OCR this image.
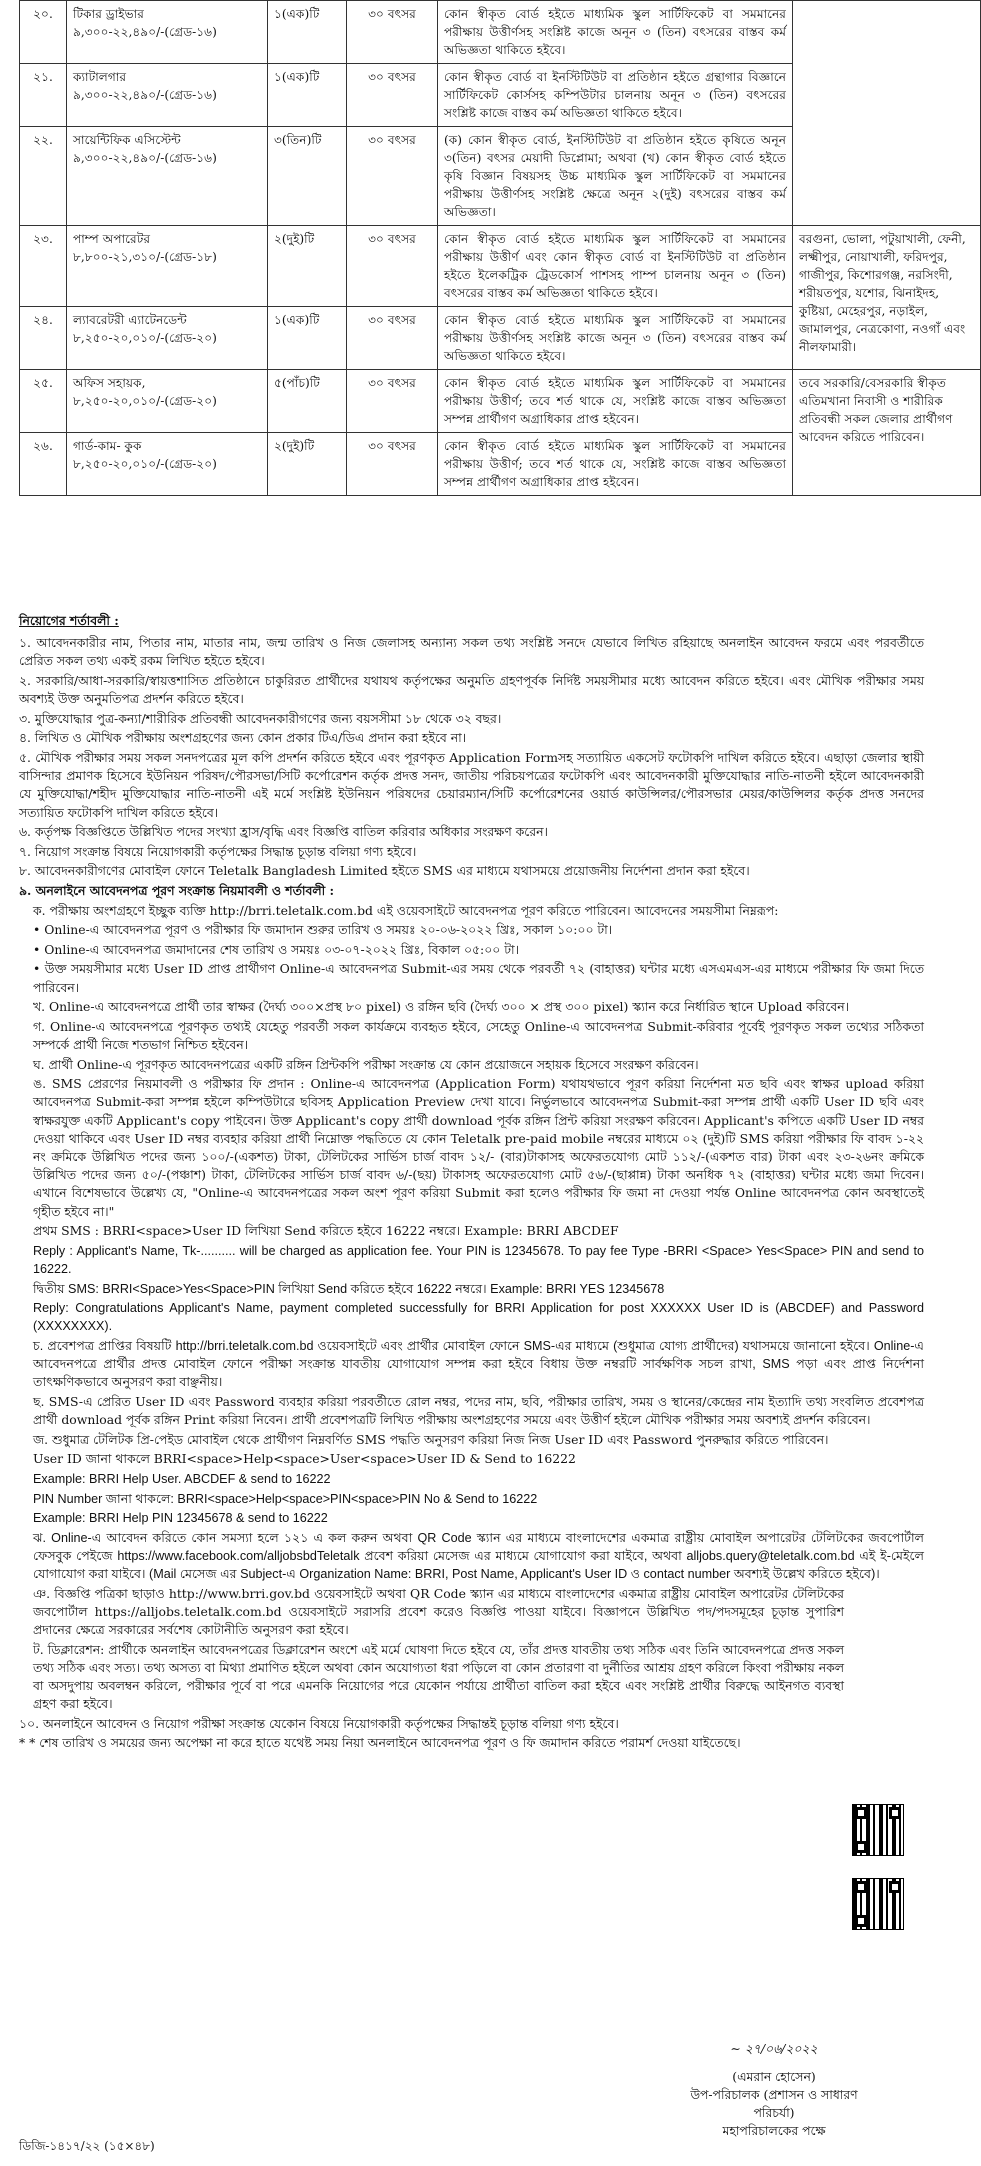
২০.	টিকার ড্রাইভার
৯,৩০০-২২,৪৯০/-(গ্রেড-১৬)	১(এক)টি	৩০ বৎসর	কোন স্বীকৃত বোর্ড হইতে মাধ্যমিক স্কুল সার্টিফিকেট বা সমমানের পরীক্ষায় উত্তীর্ণসহ সংশ্লিষ্ট কাজে অনূন ৩ (তিন) বৎসরের বাস্তব কর্ম অভিজ্ঞতা থাকিতে হইবে।	
২১.	ক্যাটালগার
৯,৩০০-২২,৪৯০/-(গ্রেড-১৬)	১(এক)টি	৩০ বৎসর	কোন স্বীকৃত বোর্ড বা ইনস্টিটিউট বা প্রতিষ্ঠান হইতে গ্রন্থাগার বিজ্ঞানে সার্টিফিকেট কোর্সসহ কম্পিউটার চালনায় অনূন ৩ (তিন) বৎসরের সংশ্লিষ্ট কাজে বাস্তব কর্ম অভিজ্ঞতা থাকিতে হইবে।	
২২.	সায়েন্টিফিক এসিস্টেন্ট
৯,৩০০-২২,৪৯০/-(গ্রেড-১৬)	৩(তিন)টি	৩০ বৎসর	(ক) কোন স্বীকৃত বোর্ড, ইনস্টিটিউট বা প্রতিষ্ঠান হইতে কৃষিতে অনূন ৩(তিন) বৎসর মেয়াদী ডিপ্লোমা; অথবা (খ) কোন স্বীকৃত বোর্ড হইতে কৃষি বিজ্ঞান বিষয়সহ উচ্চ মাধ্যমিক স্কুল সার্টিফিকেট বা সমমানের পরীক্ষায় উত্তীর্ণসহ সংশ্লিষ্ট ক্ষেত্রে অনূন ২(দুই) বৎসরের বাস্তব কর্ম অভিজ্ঞতা।	
২৩.	পাম্প অপারেটর
৮,৮০০-২১,৩১০/-(গ্রেড-১৮)	২(দুই)টি	৩০ বৎসর	কোন স্বীকৃত বোর্ড হইতে মাধ্যমিক স্কুল সার্টিফিকেট বা সমমানের পরীক্ষায় উত্তীর্ণ এবং কোন স্বীকৃত বোর্ড বা ইনস্টিটিউট বা প্রতিষ্ঠান হইতে ইলেকট্রিক ট্রেডকোর্স পাশসহ পাম্প চালনায় অনূন ৩ (তিন) বৎসরের বাস্তব কর্ম অভিজ্ঞতা থাকিতে হইবে।	বরগুনা, ভোলা, পটুয়াখালী, ফেনী, লক্ষ্মীপুর, নোয়াখালী, ফরিদপুর, গাজীপুর, কিশোরগঞ্জ, নরসিংদী, শরীয়তপুর, যশোর, ঝিনাইদহ, কুষ্টিয়া, মেহেরপুর, নড়াইল, জামালপুর, নেত্রকোণা, নওগাঁ এবং নীলফামারী।
২৪.	ল্যাবরেটরী এ্যাটেনডেন্ট
৮,২৫০-২০,০১০/-(গ্রেড-২০)	১(এক)টি	৩০ বৎসর	কোন স্বীকৃত বোর্ড হইতে মাধ্যমিক স্কুল সার্টিফিকেট বা সমমানের পরীক্ষায় উত্তীর্ণসহ সংশ্লিষ্ট কাজে অনূন ৩ (তিন) বৎসরের বাস্তব কর্ম অভিজ্ঞতা থাকিতে হইবে।	
২৫.	অফিস সহায়ক,
৮,২৫০-২০,০১০/-(গ্রেড-২০)	৫(পাঁচ)টি	৩০ বৎসর	কোন স্বীকৃত বোর্ড হইতে মাধ্যমিক স্কুল সার্টিফিকেট বা সমমানের পরীক্ষায় উত্তীর্ণ; তবে শর্ত থাকে যে, সংশ্লিষ্ট কাজে বাস্তব অভিজ্ঞতা সম্পন্ন প্রার্থীগণ অগ্রাধিকার প্রাপ্ত হইবেন।	তবে সরকারি/বেসরকারি স্বীকৃত এতিমখানা নিবাসী ও শারীরিক প্রতিবন্ধী সকল জেলার প্রার্থীগণ আবেদন করিতে পারিবেন।
২৬.	গার্ড-কাম- কুক
৮,২৫০-২০,০১০/-(গ্রেড-২০)	২(দুই)টি	৩০ বৎসর	কোন স্বীকৃত বোর্ড হইতে মাধ্যমিক স্কুল সার্টিফিকেট বা সমমানের পরীক্ষায় উত্তীর্ণ; তবে শর্ত থাকে যে, সংশ্লিষ্ট কাজে বাস্তব অভিজ্ঞতা সম্পন্ন প্রার্থীগণ অগ্রাধিকার প্রাপ্ত হইবেন।	

নিয়োগের শর্তাবলী :

১. আবেদনকারীর নাম, পিতার নাম, মাতার নাম, জন্ম তারিখ ও নিজ জেলাসহ অন্যান্য সকল তথ্য সংশ্লিষ্ট সনদে যেভাবে লিখিত রহিয়াছে অনলাইন আবেদন ফরমে এবং পরবর্তীতে প্রেরিত সকল তথ্য একই রকম লিখিত হইতে হইবে।

২. সরকারি/আধা-সরকারি/স্বায়ত্তশাসিত প্রতিষ্ঠানে চাকুরিরত প্রার্থীদের যথাযথ কর্তৃপক্ষের অনুমতি গ্রহণপূর্বক নির্দিষ্ট সময়সীমার মধ্যে আবেদন করিতে হইবে। এবং মৌখিক পরীক্ষার সময় অবশ্যই উক্ত অনুমতিপত্র প্রদর্শন করিতে হইবে।

৩. মুক্তিযোদ্ধার পুত্র-কন্যা/শারীরিক প্রতিবন্ধী আবেদনকারীগণের জন্য বয়সসীমা ১৮ থেকে ৩২ বছর।

৪. লিখিত ও মৌখিক পরীক্ষায় অংশগ্রহণের জন্য কোন প্রকার টিএ/ডিএ প্রদান করা হইবে না।

৫. মৌখিক পরীক্ষার সময় সকল সনদপত্রের মূল কপি প্রদর্শন করিতে হইবে এবং পূরণকৃত Application Formসহ সত্যায়িত একসেট ফটোকপি দাখিল করিতে হইবে। এছাড়া জেলার স্থায়ী বাসিন্দার প্রমাণক হিসেবে ইউনিয়ন পরিষদ/পৌরসভা/সিটি কর্পোরেশন কর্তৃক প্রদত্ত সনদ, জাতীয় পরিচয়পত্রের ফটোকপি এবং আবেদনকারী মুক্তিযোদ্ধার নাতি-নাতনী হইলে আবেদনকারী যে মুক্তিযোদ্ধা/শহীদ মুক্তিযোদ্ধার নাতি-নাতনী এই মর্মে সংশ্লিষ্ট ইউনিয়ন পরিষদের চেয়ারম্যান/সিটি কর্পোরেশনের ওয়ার্ড কাউন্সিলর/পৌরসভার মেয়র/কাউন্সিলর কর্তৃক প্রদত্ত সনদের সত্যায়িত ফটোকপি দাখিল করিতে হইবে।

৬. কর্তৃপক্ষ বিজ্ঞপ্তিতে উল্লিখিত পদের সংখ্যা হ্রাস/বৃদ্ধি এবং বিজ্ঞপ্তি বাতিল করিবার অধিকার সংরক্ষণ করেন।

৭. নিয়োগ সংক্রান্ত বিষয়ে নিয়োগকারী কর্তৃপক্ষের সিদ্ধান্ত চূড়ান্ত বলিয়া গণ্য হইবে।

৮. আবেদনকারীগণের মোবাইল ফোনে Teletalk Bangladesh Limited হইতে SMS এর মাধ্যমে যথাসময়ে প্রয়োজনীয় নির্দেশনা প্রদান করা হইবে।

৯. অনলাইনে আবেদনপত্র পূরণ সংক্রান্ত নিয়মাবলী ও শর্তাবলী :

ক. পরীক্ষায় অংশগ্রহণে ইচ্ছুক ব্যক্তি http://brri.teletalk.com.bd এই ওয়েবসাইটে আবেদনপত্র পূরণ করিতে পারিবেন। আবেদনের সময়সীমা নিম্নরূপ:

• Online-এ আবেদনপত্র পূরণ ও পরীক্ষার ফি জমাদান শুরুর তারিখ ও সময়ঃ ২০-০৬-২০২২ খ্রিঃ, সকাল ১০:০০ টা।

• Online-এ আবেদনপত্র জমাদানের শেষ তারিখ ও সময়ঃ ০৩-০৭-২০২২ খ্রিঃ, বিকাল ০৫:০০ টা।

• উক্ত সময়সীমার মধ্যে User ID প্রাপ্ত প্রার্থীগণ Online-এ আবেদনপত্র Submit-এর সময় থেকে পরবর্তী ৭২ (বাহাত্তর) ঘন্টার মধ্যে এসএমএস-এর মাধ্যমে পরীক্ষার ফি জমা দিতে পারিবেন।

খ. Online-এ আবেদনপত্রে প্রার্থী তার স্বাক্ষর (দৈর্ঘ্য ৩০০×প্রস্থ ৮০ pixel) ও রঙ্গিন ছবি (দৈর্ঘ্য ৩০০ × প্রস্থ ৩০০ pixel) স্ক্যান করে নির্ধারিত স্থানে Upload করিবেন।

গ. Online-এ আবেদনপত্রে পূরণকৃত তথ্যই যেহেতু পরবর্তী সকল কার্যক্রমে ব্যবহৃত হইবে, সেহেতু Online-এ আবেদনপত্র Submit-করিবার পূর্বেই পূরণকৃত সকল তথ্যের সঠিকতা সম্পর্কে প্রার্থী নিজে শতভাগ নিশ্চিত হইবেন।

ঘ. প্রার্থী Online-এ পূরণকৃত আবেদনপত্রের একটি রঙ্গিন প্রিন্টকপি পরীক্ষা সংক্রান্ত যে কোন প্রয়োজনে সহায়ক হিসেবে সংরক্ষণ করিবেন।

ঙ. SMS প্রেরণের নিয়মাবলী ও পরীক্ষার ফি প্রদান : Online-এ আবেদনপত্র (Application Form) যথাযথভাবে পূরণ করিয়া নির্দেশনা মত ছবি এবং স্বাক্ষর upload করিয়া আবেদনপত্র Submit-করা সম্পন্ন হইলে কম্পিউটারে ছবিসহ Application Preview দেখা যাবে। নির্ভুলভাবে আবেদনপত্র Submit-করা সম্পন্ন প্রার্থী একটি User ID ছবি এবং স্বাক্ষরযুক্ত একটি Applicant's copy পাইবেন। উক্ত Applicant's copy প্রার্থী download পূর্বক রঙ্গিন প্রিন্ট করিয়া সংরক্ষণ করিবেন। Applicant's কপিতে একটি User ID নম্বর দেওয়া থাকিবে এবং User ID নম্বর ব্যবহার করিয়া প্রার্থী নিম্নোক্ত পদ্ধতিতে যে কোন Teletalk pre-paid mobile নম্বরের মাধ্যমে ০২ (দুই)টি SMS করিয়া পরীক্ষার ফি বাবদ ১-২২ নং ক্রমিকে উল্লিখিত পদের জন্য ১০০/-(একশত) টাকা, টেলিটকের সার্ভিস চার্জ বাবদ ১২/- (বার)টাকাসহ অফেরতযোগ্য মোট ১১২/-(একশত বার) টাকা এবং ২৩-২৬নং ক্রমিকে উল্লিখিত পদের জন্য ৫০/-(পঞ্চাশ) টাকা, টেলিটকের সার্ভিস চার্জ বাবদ ৬/-(ছয়) টাকাসহ অফেরতযোগ্য মোট ৫৬/-(ছাপ্পান্ন) টাকা অনধিক ৭২ (বাহাত্তর) ঘন্টার মধ্যে জমা দিবেন। এখানে বিশেষভাবে উল্লেখ্য যে, "Online-এ আবেদনপত্রের সকল অংশ পূরণ করিয়া Submit করা হলেও পরীক্ষার ফি জমা না দেওয়া পর্যন্ত Online আবেদনপত্র কোন অবস্থাতেই গৃহীত হইবে না।"

প্রথম SMS : BRRI<space>User ID লিখিয়া Send করিতে হইবে 16222 নম্বরে। Example: BRRI ABCDEF

Reply : Applicant's Name, Tk-.......... will be charged as application fee. Your PIN is 12345678. To pay fee Type -BRRI <Space> Yes<Space> PIN and send to 16222.

দ্বিতীয় SMS: BRRI<Space>Yes<Space>PIN লিখিয়া Send করিতে হইবে 16222 নম্বরে। Example: BRRI YES 12345678

Reply: Congratulations Applicant's Name, payment completed successfully for BRRI Application for post XXXXXX User ID is (ABCDEF) and Password (XXXXXXXX).

চ. প্রবেশপত্র প্রাপ্তির বিষয়টি http://brri.teletalk.com.bd ওয়েবসাইটে এবং প্রার্থীর মোবাইল ফোনে SMS-এর মাধ্যমে (শুধুমাত্র যোগ্য প্রার্থীদের) যথাসময়ে জানানো হইবে। Online-এ আবেদনপত্রে প্রার্থীর প্রদত্ত মোবাইল ফোনে পরীক্ষা সংক্রান্ত যাবতীয় যোগাযোগ সম্পন্ন করা হইবে বিধায় উক্ত নম্বরটি সার্বক্ষণিক সচল রাখা, SMS পড়া এবং প্রাপ্ত নির্দেশনা তাৎক্ষণিকভাবে অনুসরণ করা বাঞ্ছনীয়।

ছ. SMS-এ প্রেরিত User ID এবং Password ব্যবহার করিয়া পরবর্তীতে রোল নম্বর, পদের নাম, ছবি, পরীক্ষার তারিখ, সময় ও স্থানের/কেন্দ্রের নাম ইত্যাদি তথ্য সংবলিত প্রবেশপত্র প্রার্থী download পূর্বক রঙ্গিন Print করিয়া নিবেন। প্রার্থী প্রবেশপত্রটি লিখিত পরীক্ষায় অংশগ্রহণের সময়ে এবং উত্তীর্ণ হইলে মৌখিক পরীক্ষার সময় অবশ্যই প্রদর্শন করিবেন।

জ. শুধুমাত্র টেলিটক প্রি-পেইড মোবাইল থেকে প্রার্থীগণ নিম্নবর্ণিত SMS পদ্ধতি অনুসরণ করিয়া নিজ নিজ User ID এবং Password পুনরুদ্ধার করিতে পারিবেন।

User ID জানা থাকলে BRRI<space>Help<space>User<space>User ID & Send to 16222

Example: BRRI Help User. ABCDEF & send to 16222

PIN Number জানা থাকলে: BRRI<space>Help<space>PIN<space>PIN No & Send to 16222

Example: BRRI Help PIN 12345678 & send to 16222

ঝ. Online-এ আবেদন করিতে কোন সমস্যা হলে ১২১ এ কল করুন অথবা QR Code স্ক্যান এর মাধ্যমে বাংলাদেশের একমাত্র রাষ্ট্রীয় মোবাইল অপারেটর টেলিটকের জবপোর্টাল ফেসবুক পেইজে https://www.facebook.com/alljobsbdTeletalk প্রবেশ করিয়া মেসেজ এর মাধ্যমে যোগাযোগ করা যাইবে, অথবা alljobs.query@teletalk.com.bd এই ই-মেইলে যোগাযোগ করা যাইবে। (Mail মেসেজ এর Subject-এ Organization Name: BRRI, Post Name, Applicant's User ID ও contact number অবশ্যই উল্লেখ করিতে হইবে)।

ঞ. বিজ্ঞপ্তি পত্রিকা ছাড়াও http://www.brri.gov.bd ওয়েবসাইটে অথবা QR Code স্ক্যান এর মাধ্যমে বাংলাদেশের একমাত্র রাষ্ট্রীয় মোবাইল অপারেটর টেলিটকের জবপোর্টাল https://alljobs.teletalk.com.bd ওয়েবসাইটে সরাসরি প্রবেশ করেও বিজ্ঞপ্তি পাওয়া যাইবে। বিজ্ঞাপনে উল্লিখিত পদ/পদসমূহের চূড়ান্ত সুপারিশ প্রদানের ক্ষেত্রে সরকারের সর্বশেষ কোটানীতি অনুসরণ করা হইবে।

ট. ডিক্লারেশন: প্রার্থীকে অনলাইন আবেদনপত্রের ডিক্লারেশন অংশে এই মর্মে ঘোষণা দিতে হইবে যে, তাঁর প্রদত্ত যাবতীয় তথ্য সঠিক এবং তিনি আবেদনপত্রে প্রদত্ত সকল তথ্য সঠিক এবং সত্য। তথ্য অসত্য বা মিথ্যা প্রমাণিত হইলে অথবা কোন অযোগ্যতা ধরা পড়িলে বা কোন প্রতারণা বা দুর্নীতির আশ্রয় গ্রহণ করিলে কিংবা পরীক্ষায় নকল বা অসদুপায় অবলম্বন করিলে, পরীক্ষার পূর্বে বা পরে এমনকি নিয়োগের পরে যেকোন পর্যায়ে প্রার্থীতা বাতিল করা হইবে এবং সংশ্লিষ্ট প্রার্থীর বিরুদ্ধে আইনগত ব্যবস্থা গ্রহণ করা হইবে।

১০. অনলাইনে আবেদন ও নিয়োগ পরীক্ষা সংক্রান্ত যেকোন বিষয়ে নিয়োগকারী কর্তৃপক্ষের সিদ্ধান্তই চূড়ান্ত বলিয়া গণ্য হইবে।

* * শেষ তারিখ ও সময়ের জন্য অপেক্ষা না করে হাতে যথেষ্ট সময় নিয়া অনলাইনে আবেদনপত্র পূরণ ও ফি জমাদান করিতে পরামর্শ দেওয়া যাইতেছে।

∼ ২৭/০৬/২০২২
(এমরান হোসেন)
উপ-পরিচালক (প্রশাসন ও সাধারণ
পরিচর্যা)
মহাপরিচালকের পক্ষে
ডিজি-১৪১৭/২২ (১৫×৪৮)
